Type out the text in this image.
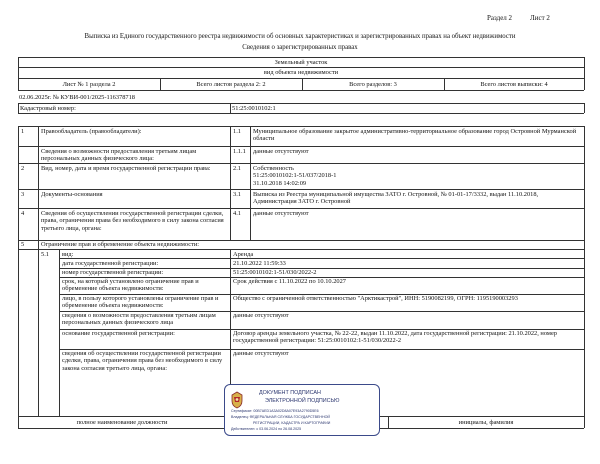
Раздел 2	Лист 2
Выписка из Единого государственного реестра недвижимости об основных характеристиках и зарегистрированных правах на объект недвижимости
Сведения о зарегистрированных правах
Земельный участок
вид объекта недвижимости
Лист № 1 раздела 2	Всего листов раздела 2: 2	Всего разделов: 3	Всего листов выписки: 4
02.06.2025г. № КУВИ-001/2025-116378718
Кадастровый номер:	51:25:0010102:1
1	Правообладатель (правообладатели):	1.1	Муниципальное образование закрытое административно-территориальное образование город Островной Мурманской области
Сведения о возможности предоставления третьим лицам персональных данных физического лица:
1.1.1	данные отсутствуют
2	Вид, номер, дата и время государственной регистрации права:	2.1	Собственность
51:25:0010102:1-51/037/2018-1
31.10.2018 14:02:09
3	Документы-основания	3.1	Выписка из Реестра муниципальной имущества ЗАТО г. Островной, № 01-01-17/3332, выдан 11.10.2018, Администрация ЗАТО г. Островной
4	Сведения об осуществлении государственной регистрации сделки, права, ограничения права без необходимого в силу закона согласия третьего лица, органа:
4.1	данные отсутствуют
5	Ограничение прав и обременение объекта недвижимости:
5.1	вид:	Аренда
дата государственной регистрации:	21.10.2022 11:59:33
номер государственной регистрации:	51:25:0010102:1-51/030/2022-2
срок, на который установлено ограничение прав и обременение объекта недвижимости:
Срок действия с 11.10.2022 по 10.10.2027
лицо, в пользу которого установлены ограничение прав и обременение объекта недвижимости:
Общество с ограниченной ответственностью "Арктикастрой", ИНН: 5190082199, ОГРН: 1195190003293
сведения о возможности предоставления третьим лицам персональных данных физического лица
данные отсутствуют
основание государственной регистрации:	Договор аренды земельного участка, № 22-22, выдан 11.10.2022, дата государственной регистрации: 21.10.2022, номер государственной регистрации: 51:25:0010102:1-51/030/2022-2
сведения об осуществлении государственной регистрации сделки, права, ограничения права без необходимого в силу закона согласия третьего лица, органа:
данные отсутствуют
полное наименование должности	инициалы, фамилия
ДОКУМЕНТ ПОДПИСАН
ЭЛЕКТРОННОЙ ПОДПИСЬЮ
Сертификат: 00B7AED1A3A02D8A07E93A2790D5E6
Владелец: ФЕДЕРАЛЬНАЯ СЛУЖБА ГОСУДАРСТВЕННОЙ
РЕГИСТРАЦИИ, КАДАСТРА И КАРТОГРАФИИ
Действителен: с 03.06.2024 по 26.08.2025
